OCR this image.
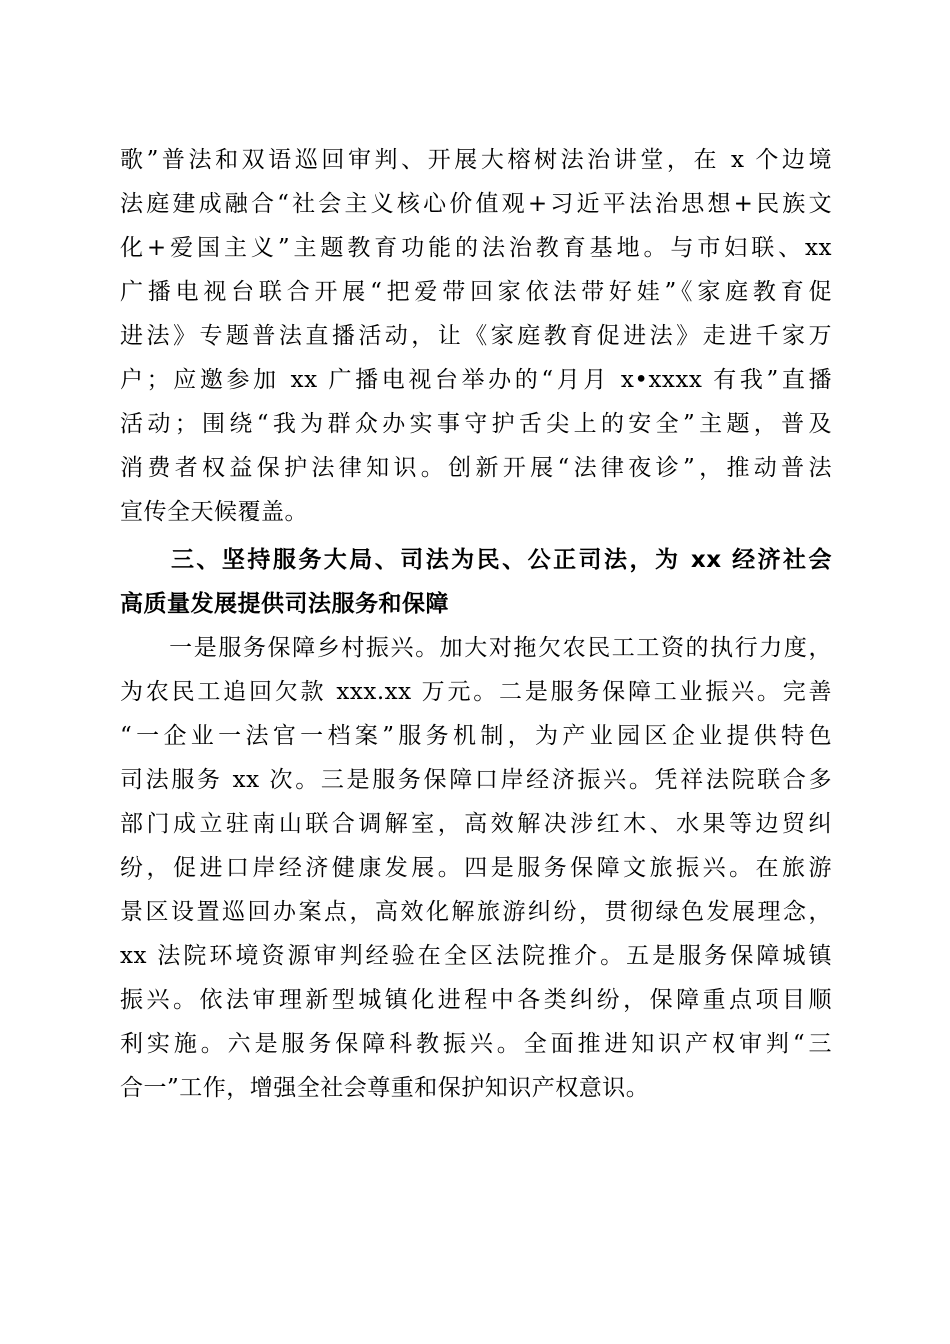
歌”普法和双语巡回审判、开展大榕树法治讲堂，在 x 个边境
法庭建成融合“社会主义核心价值观+习近平法治思想+民族文
化+爱国主义”主题教育功能的法治教育基地。与市妇联、xx
广播电视台联合开展“把爱带回家依法带好娃”《家庭教育促
进法》专题普法直播活动，让《家庭教育促进法》走进千家万
户；应邀参加 xx 广播电视台举办的“月月 x•xxxx 有我”直播
活动；围绕“我为群众办实事守护舌尖上的安全”主题，普及
消费者权益保护法律知识。创新开展“法律夜诊”，推动普法
宣传全天候覆盖。
　　三、坚持服务大局、司法为民、公正司法，为 xx 经济社会
高质量发展提供司法服务和保障
　　一是服务保障乡村振兴。加大对拖欠农民工工资的执行力度，
为农民工追回欠款 xxx.xx 万元。二是服务保障工业振兴。完善
“一企业一法官一档案”服务机制，为产业园区企业提供特色
司法服务 xx 次。三是服务保障口岸经济振兴。凭祥法院联合多
部门成立驻南山联合调解室，高效解决涉红木、水果等边贸纠
纷，促进口岸经济健康发展。四是服务保障文旅振兴。在旅游
景区设置巡回办案点，高效化解旅游纠纷，贯彻绿色发展理念，
xx 法院环境资源审判经验在全区法院推介。五是服务保障城镇
振兴。依法审理新型城镇化进程中各类纠纷，保障重点项目顺
利实施。六是服务保障科教振兴。全面推进知识产权审判“三
合一”工作，增强全社会尊重和保护知识产权意识。
